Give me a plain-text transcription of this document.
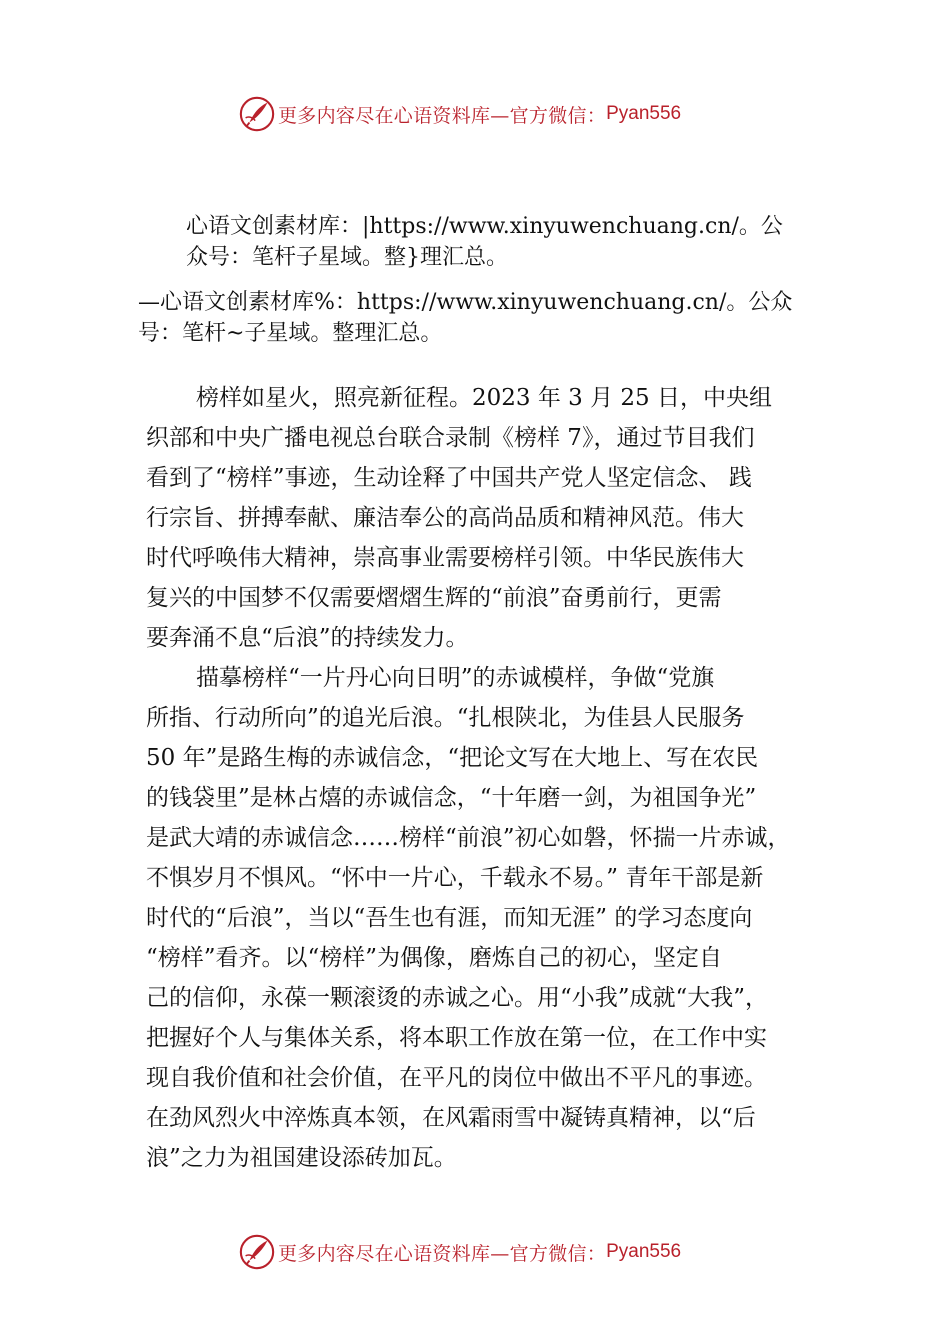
更多内容尽在心语资料库—官方微信： Pyan556
心语文创素材库：|https://www.xinyuwenchuang.cn/。公
众号：笔杆子星域。整}理汇总。
—心语文创素材库%：https://www.xinyuwenchuang.cn/。公众
号：笔杆~子星域。整理汇总。
榜样如星火，照亮新征程。2023 年 3 月 25 日，中央组
织部和中央广播电视总台联合录制《榜样 7》，通过节目我们
看到了“榜样”事迹，生动诠释了中国共产党人坚定信念、 践
行宗旨、拼搏奉献、廉洁奉公的高尚品质和精神风范。伟大
时代呼唤伟大精神，崇高事业需要榜样引领。中华民族伟大
复兴的中国梦不仅需要熠熠生辉的“前浪”奋勇前行，更需
要奔涌不息“后浪”的持续发力。
描摹榜样“一片丹心向日明”的赤诚模样，争做“党旗
所指、行动所向”的追光后浪。“扎根陕北，为佳县人民服务
50 年”是路生梅的赤诚信念，“把论文写在大地上、写在农民
的钱袋里”是林占熺的赤诚信念，“十年磨一剑，为祖国争光”
是武大靖的赤诚信念……榜样“前浪”初心如磐，怀揣一片赤诚，
不惧岁月不惧风。“怀中一片心，千载永不易。” 青年干部是新
时代的“后浪”，当以“吾生也有涯，而知无涯” 的学习态度向
“榜样”看齐。以“榜样”为偶像，磨炼自己的初心，坚定自
己的信仰，永葆一颗滚烫的赤诚之心。用“小我”成就“大我”，
把握好个人与集体关系，将本职工作放在第一位，在工作中实
现自我价值和社会价值，在平凡的岗位中做出不平凡的事迹。
在劲风烈火中淬炼真本领，在风霜雨雪中凝铸真精神，以“后
浪”之力为祖国建设添砖加瓦。
更多内容尽在心语资料库—官方微信： Pyan556
